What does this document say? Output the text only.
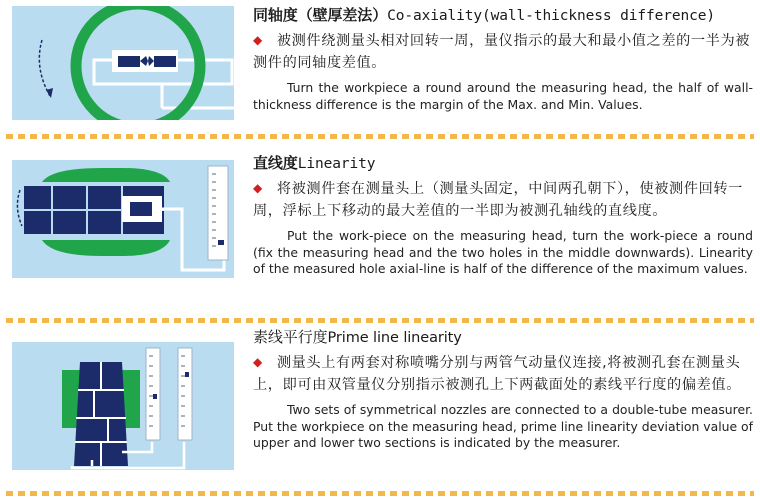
同轴度（壁厚差法）Co-axiality(wall-thickness difference)
◆ 被测件绕测量头相对回转一周，量仪指示的最大和最小值之差的一半为被测件的同轴度差值。
Turn the workpiece a round around the measuring head, the half of wall-thickness difference is the margin of the Max. and Min. Values.
直线度Linearity
◆ 将被测件套在测量头上（测量头固定，中间两孔朝下），使被测件回转一周，浮标上下移动的最大差值的一半即为被测孔轴线的直线度。
Put the work-piece on the measuring head, turn the work-piece a round (fix the measuring head and the two holes in the middle downwards). Linearity of the measured hole axial-line is half of the difference of the maximum values.
素线平行度Prime line linearity
◆ 测量头上有两套对称喷嘴分别与两管气动量仪连接,将被测孔套在测量头上，即可由双管量仪分别指示被测孔上下两截面处的素线平行度的偏差值。
Two sets of symmetrical nozzles are connected to a double-tube measurer. Put the workpiece on the measuring head, prime line linearity deviation value of upper and lower two sections is indicated by the measurer.
